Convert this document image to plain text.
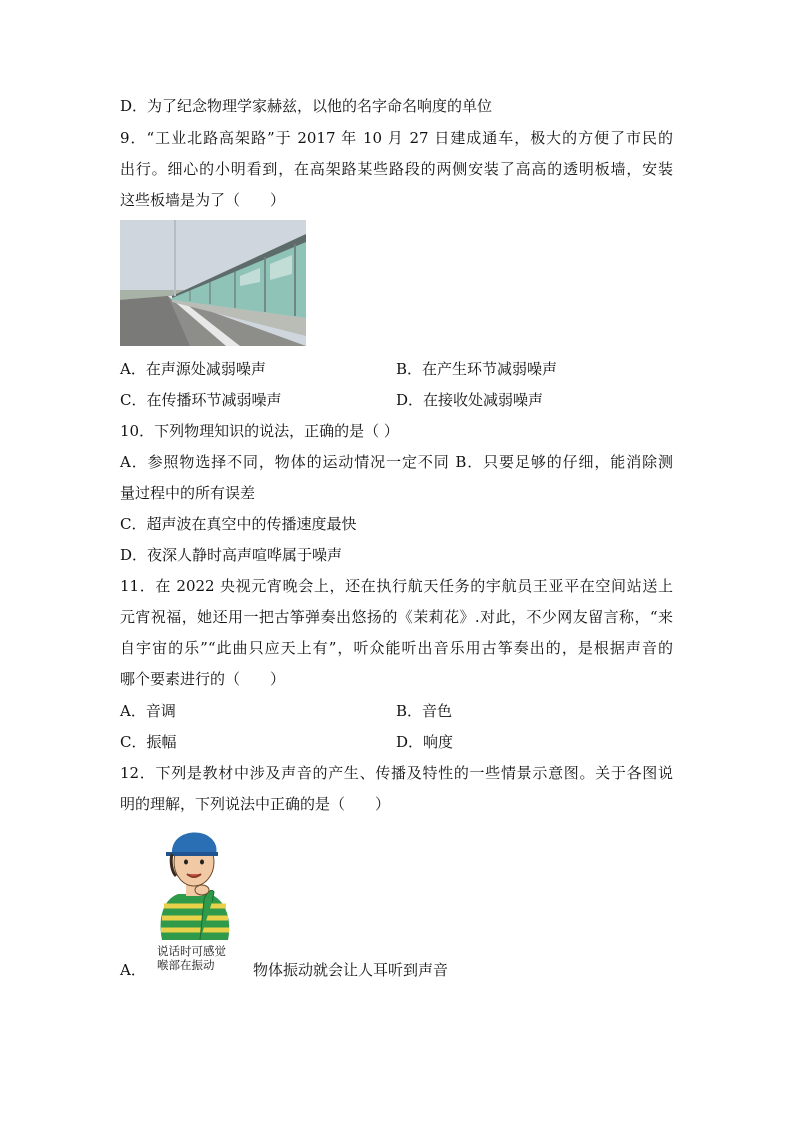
D．为了纪念物理学家赫兹，以他的名字命名响度的单位
9．“工业北路高架路”于 2017 年 10 月 27 日建成通车，极大的方便了市民的
出行。细心的小明看到，在高架路某些路段的两侧安装了高高的透明板墙，安装
这些板墙是为了（　　）
A．在声源处减弱噪声	B．在产生环节减弱噪声
C．在传播环节减弱噪声	D．在接收处减弱噪声
10．下列物理知识的说法，正确的是（ ）
A．参照物选择不同，物体的运动情况一定不同 B．只要足够的仔细，能消除测
量过程中的所有误差
C．超声波在真空中的传播速度最快
D．夜深人静时高声喧哗属于噪声
11．在 2022 央视元宵晚会上，还在执行航天任务的宇航员王亚平在空间站送上
元宵祝福，她还用一把古筝弹奏出悠扬的《茉莉花》.对此，不少网友留言称，“来
自宇宙的乐”“此曲只应天上有”，听众能听出音乐用古筝奏出的，是根据声音的
哪个要素进行的（　　）
A．音调	B．音色
C．振幅	D．响度
12．下列是教材中涉及声音的产生、传播及特性的一些情景示意图。关于各图说
明的理解，下列说法中正确的是（　　）
说话时可感觉
喉部在振动
A．	物体振动就会让人耳听到声音
